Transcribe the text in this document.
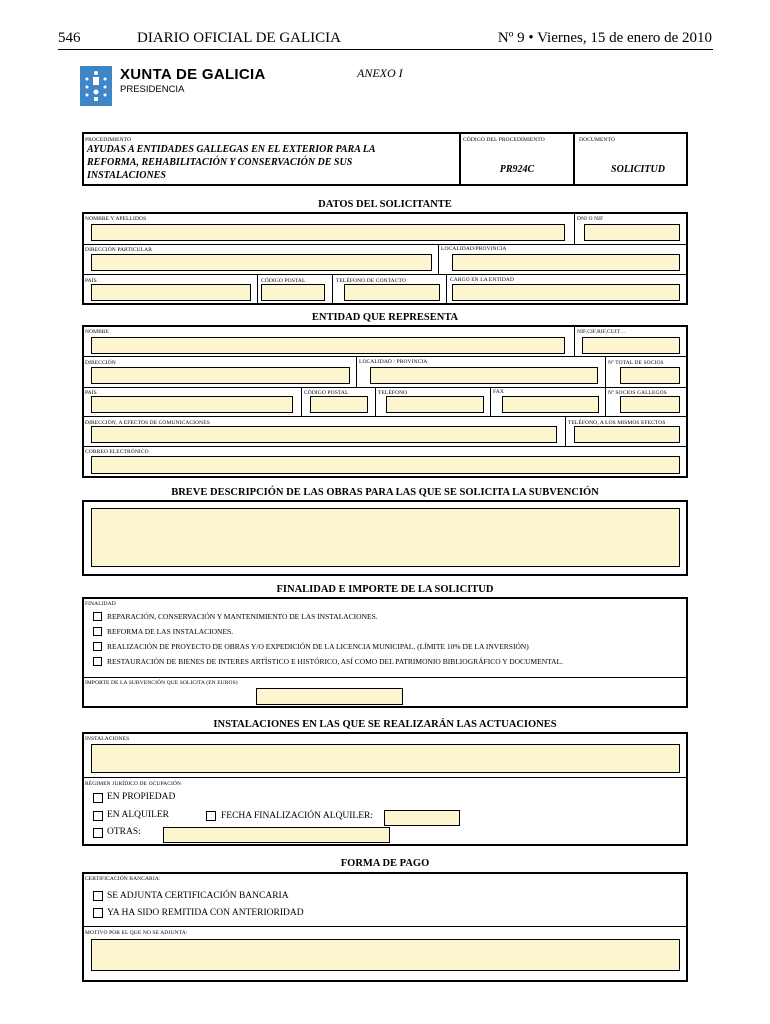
546	DIARIO OFICIAL DE GALICIA	Nº 9 • Viernes, 15 de enero de 2010
XUNTA DE GALICIA
PRESIDENCIA
ANEXO I
PROCEDIMIENTO
AYUDAS A ENTIDADES GALLEGAS EN EL EXTERIOR PARA LA REFORMA, REHABILITACIÓN Y CONSERVACIÓN DE SUS INSTALACIONES
CÓDIGO DEL PROCEDIMIENTO
PR924C
DOCUMENTO
SOLICITUD
DATOS DEL SOLICITANTE
NOMBRE Y APELLIDOS	DNI O NIF
DIRECCIÓN PARTICULAR	LOCALIDAD/PROVINCIA
PAÍS	CÓDIGO POSTAL	TELÉFONO DE CONTACTO	CARGO EN LA ENTIDAD
ENTIDAD QUE REPRESENTA
NOMBRE	NIF,CIF,RIF,CUIT…
DIRECCIÓN	LOCALIDAD / PROVINCIA	Nº TOTAL DE SOCIOS
PAÍS	CÓDIGO POSTAL	TELÉFONO	FAX	Nº SOCIOS GALLEGOS
DIRECCIÓN, A EFECTOS DE COMUNICACIONES	TELÉFONO, A LOS MISMOS EFECTOS
CORREO ELECTRÓNICO
BREVE DESCRIPCIÓN DE LAS OBRAS PARA LAS QUE SE SOLICITA LA SUBVENCIÓN
FINALIDAD E IMPORTE DE LA SOLICITUD
FINALIDAD
REPARACIÓN, CONSERVACIÓN Y MANTENIMIENTO DE LAS INSTALACIONES.
REFORMA DE LAS INSTALACIONES.
REALIZACIÓN DE PROYECTO DE OBRAS Y/O EXPEDICIÓN DE LA LICENCIA MUNICIPAL. (LÍMITE 10% DE LA INVERSIÓN)
RESTAURACIÓN DE BIENES DE INTERES ARTÍSTICO E HISTÓRICO, ASÍ COMO DEL PATRIMONIO BIBLIOGRÁFICO Y DOCUMENTAL.
IMPORTE DE LA SUBVENCIÓN QUE SOLICITA (EN EUROS)
INSTALACIONES EN LAS QUE SE REALIZARÁN LAS ACTUACIONES
INSTALACIONES
RÉGIMEN JURÍDICO DE OCUPACIÓN
EN PROPIEDAD
EN ALQUILER	FECHA FINALIZACIÓN ALQUILER:
OTRAS:
FORMA DE PAGO
CERTIFICACIÓN BANCARIA:
SE ADJUNTA CERTIFICACIÓN BANCARIA
YA HA SIDO REMITIDA CON ANTERIORIDAD
MOTIVO POR EL QUE NO SE ADJUNTA:
